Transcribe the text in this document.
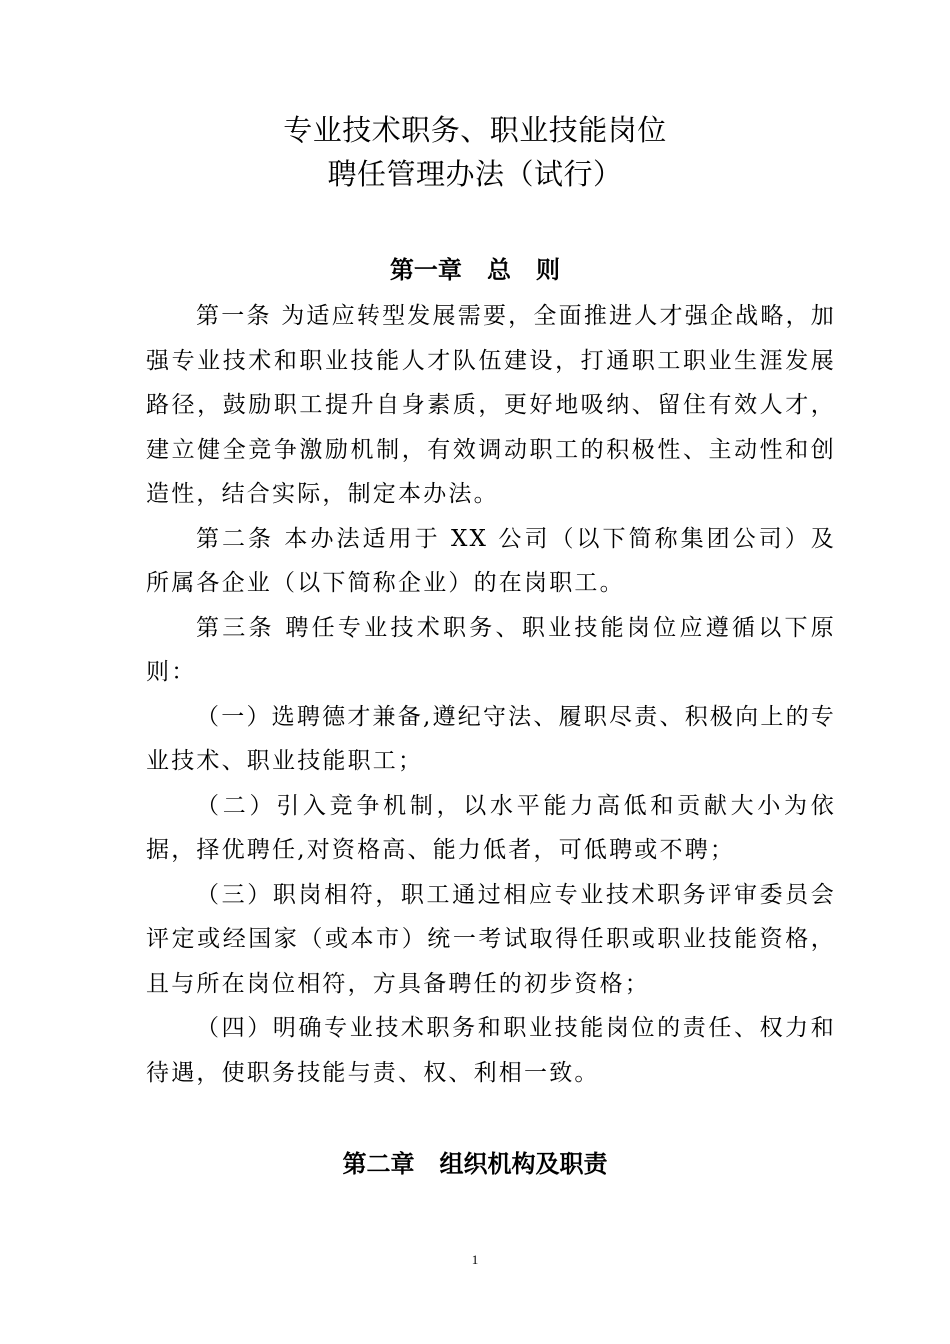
专业技术职务、职业技能岗位
聘任管理办法（试行）
第一章   总   则

第一条 为适应转型发展需要，全面推进人才强企战略，加强专业技术和职业技能人才队伍建设，打通职工职业生涯发展路径，鼓励职工提升自身素质，更好地吸纳、留住有效人才，建立健全竞争激励机制，有效调动职工的积极性、主动性和创造性，结合实际，制定本办法。

第二条 本办法适用于 XX 公司（以下简称集团公司）及所属各企业（以下简称企业）的在岗职工。

第三条 聘任专业技术职务、职业技能岗位应遵循以下原则：

（一）选聘德才兼备,遵纪守法、履职尽责、积极向上的专业技术、职业技能职工；

（二）引入竞争机制，以水平能力高低和贡献大小为依据，择优聘任,对资格高、能力低者，可低聘或不聘；

（三）职岗相符，职工通过相应专业技术职务评审委员会评定或经国家（或本市）统一考试取得任职或职业技能资格，且与所在岗位相符，方具备聘任的初步资格；

（四）明确专业技术职务和职业技能岗位的责任、权力和待遇，使职务技能与责、权、利相一致。

第二章   组织机构及职责
1
